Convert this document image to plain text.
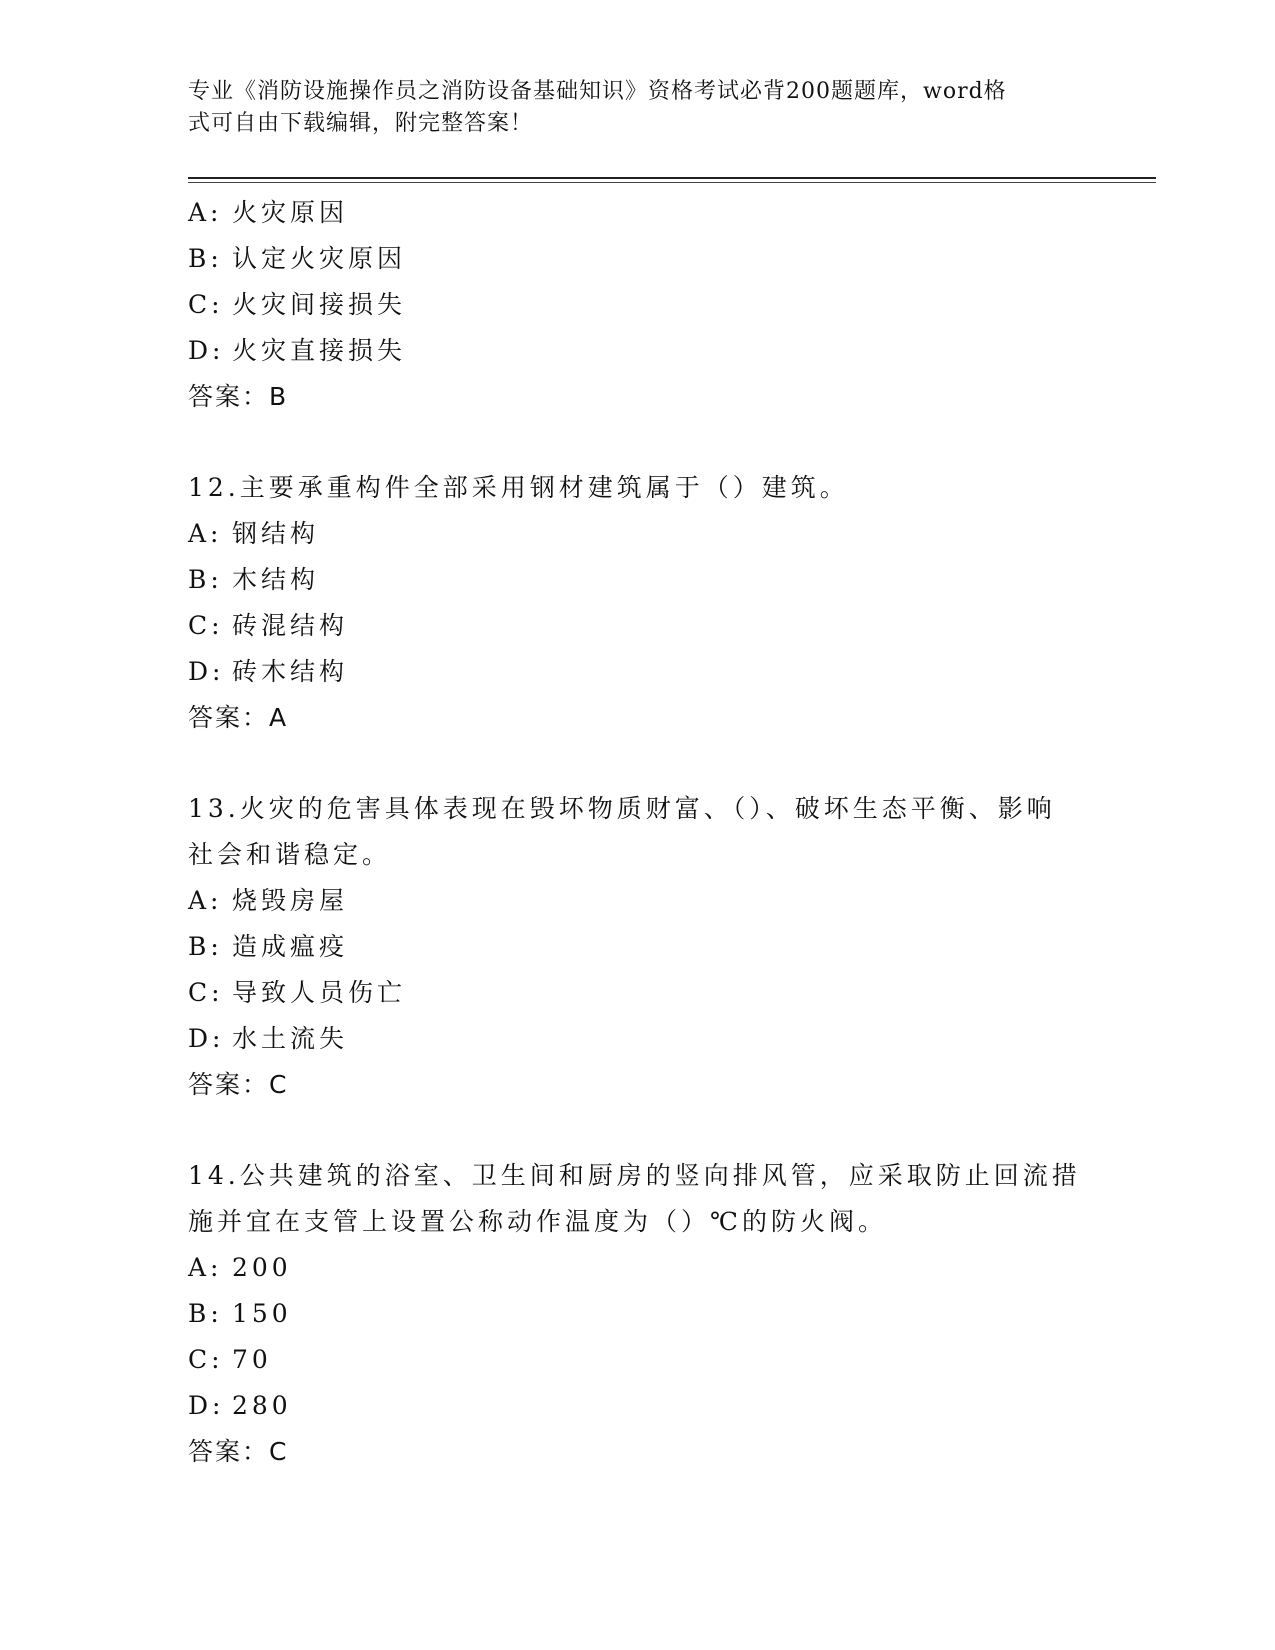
专业《消防设施操作员之消防设备基础知识》资格考试必背200题题库，word格
式可自由下载编辑，附完整答案！
A: 火灾原因
B: 认定火灾原因
C: 火灾间接损失
D: 火灾直接损失
答案：B
12.主要承重构件全部采用钢材建筑属于（）建筑。
A: 钢结构
B: 木结构
C: 砖混结构
D: 砖木结构
答案：A
13.火灾的危害具体表现在毁坏物质财富、（）、破坏生态平衡、影响
社会和谐稳定。
A: 烧毁房屋
B: 造成瘟疫
C: 导致人员伤亡
D: 水土流失
答案：C
14.公共建筑的浴室、卫生间和厨房的竖向排风管，应采取防止回流措
施并宜在支管上设置公称动作温度为（）℃的防火阀。
A: 200
B: 150
C: 70
D: 280
答案：C
